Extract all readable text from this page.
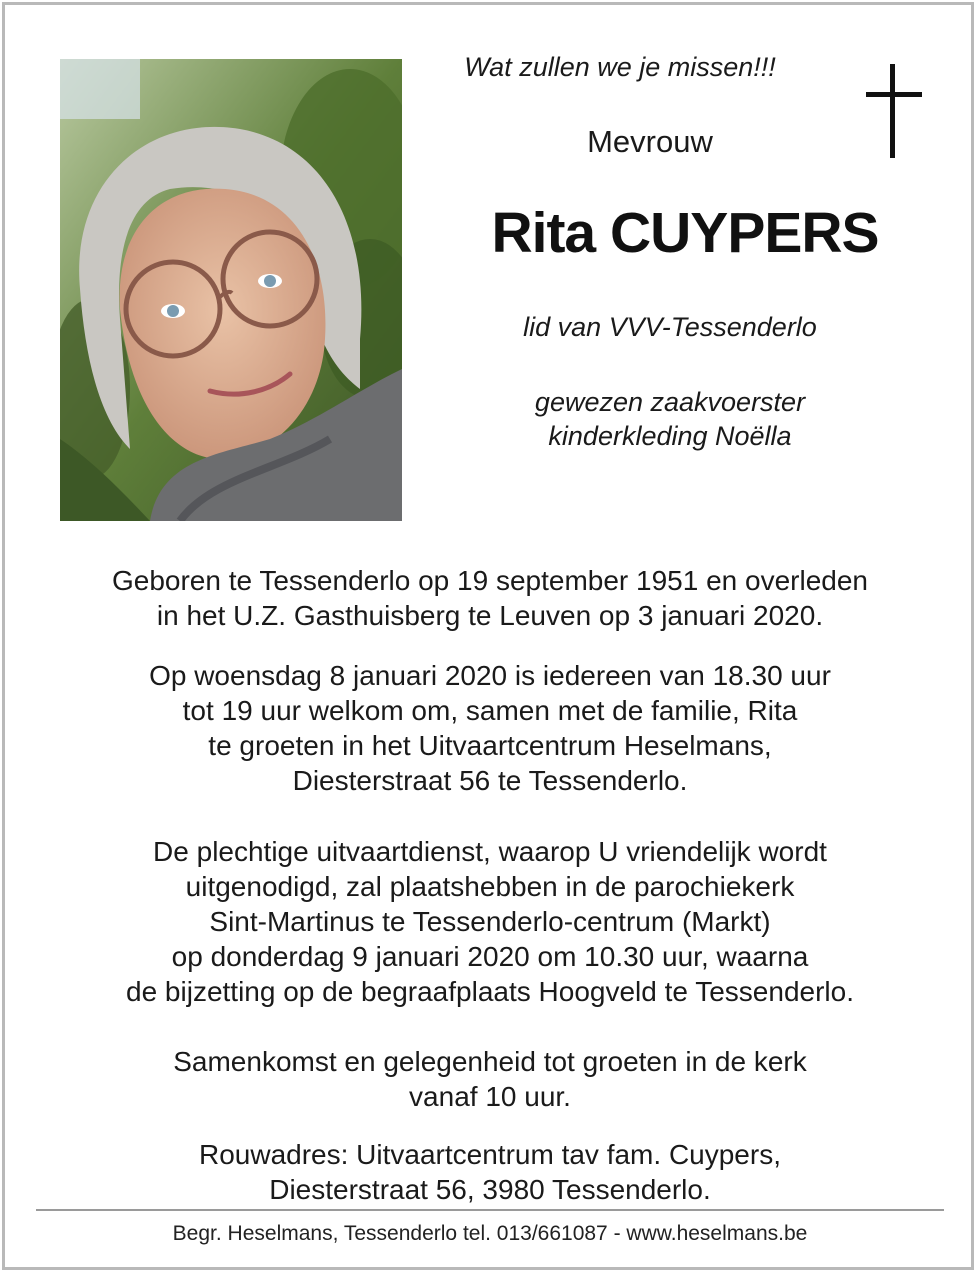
Wat zullen we je missen!!!
Mevrouw
Rita CUYPERS
lid van VVV-Tessenderlo
gewezen zaakvoerster
kinderkleding Noëlla
Geboren te Tessenderlo op 19 september 1951 en overleden
in het U.Z. Gasthuisberg te Leuven op 3 januari 2020.
Op woensdag 8 januari 2020 is iedereen van 18.30 uur
tot 19 uur welkom om, samen met de familie, Rita
te groeten in het Uitvaartcentrum Heselmans,
Diesterstraat 56 te Tessenderlo.
De plechtige uitvaartdienst, waarop U vriendelijk wordt
uitgenodigd, zal plaatshebben in de parochiekerk
Sint-Martinus te Tessenderlo-centrum (Markt)
op donderdag 9 januari 2020 om 10.30 uur, waarna
de bijzetting op de begraafplaats Hoogveld te Tessenderlo.
Samenkomst en gelegenheid tot groeten in de kerk
vanaf 10 uur.
Rouwadres: Uitvaartcentrum tav fam. Cuypers,
Diesterstraat 56, 3980 Tessenderlo.
Begr. Heselmans, Tessenderlo tel. 013/661087 - www.heselmans.be
